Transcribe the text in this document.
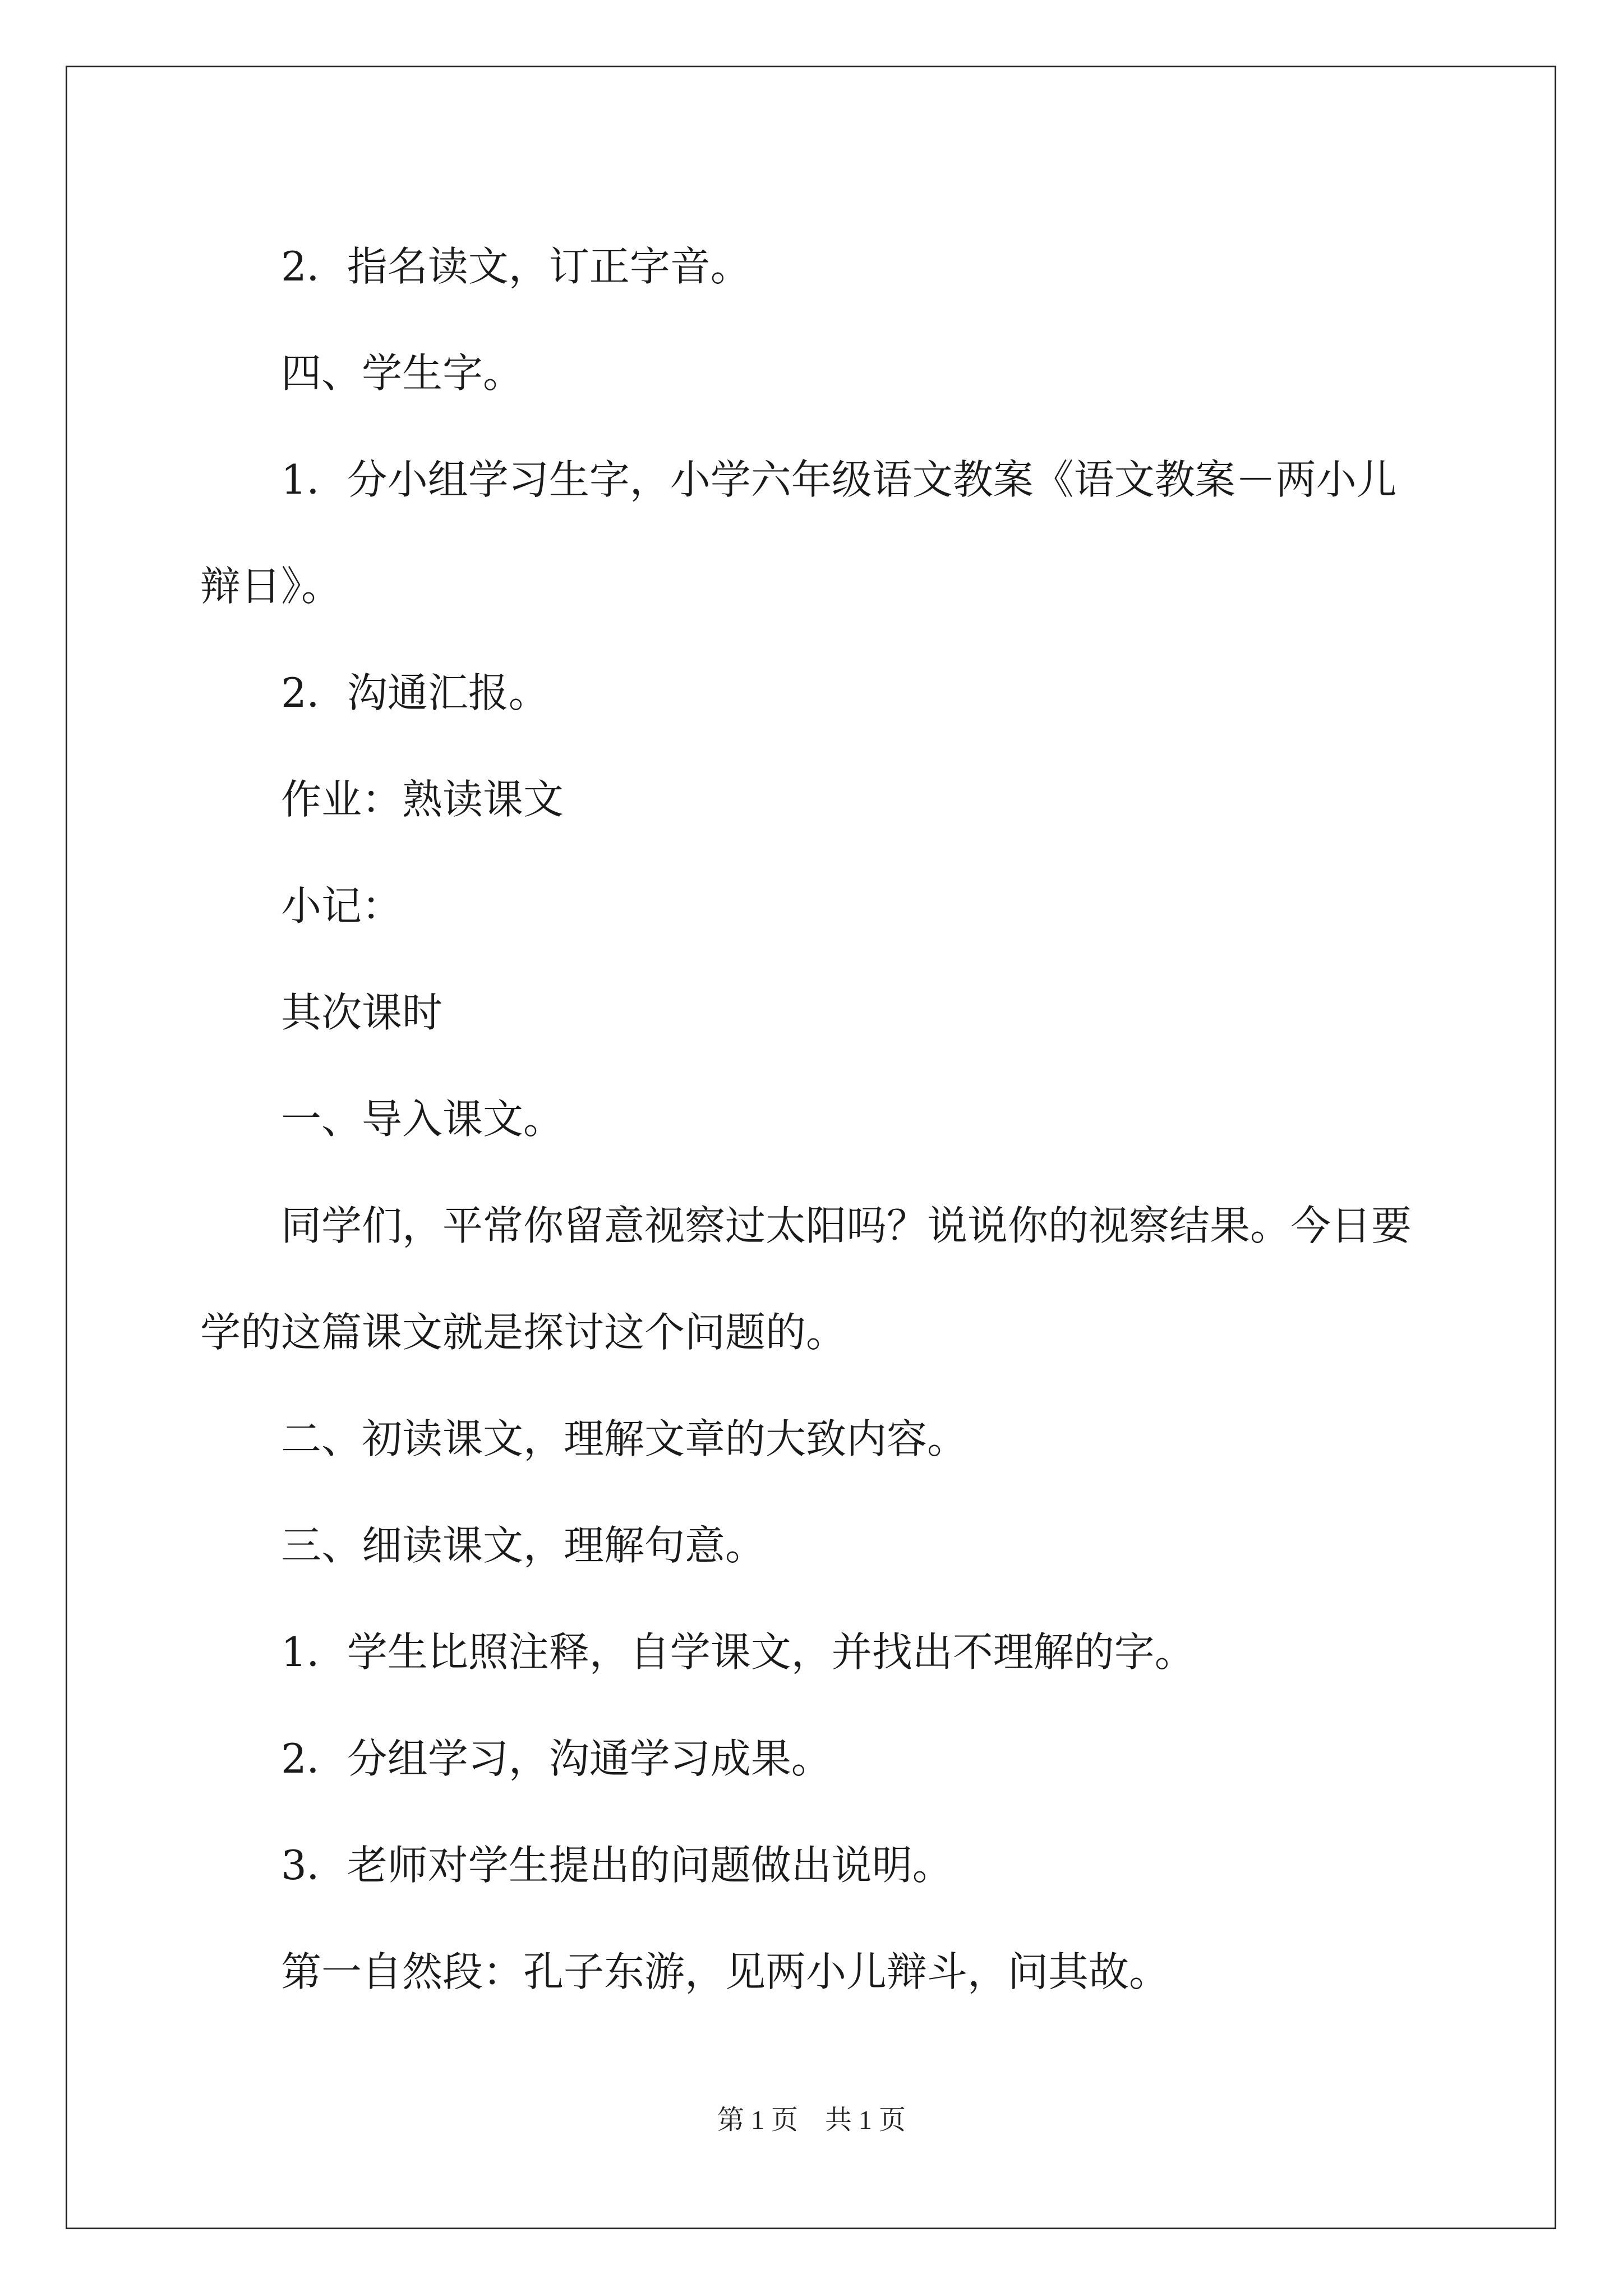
2．指名读文，订正字音。

四、学生字。

1．分小组学习生字，小学六年级语文教案《语文教案－两小儿辩日》。

2．沟通汇报。

作业：熟读课文

小记：

其次课时

一、导入课文。

同学们，平常你留意视察过太阳吗？说说你的视察结果。今日要学的这篇课文就是探讨这个问题的。

二、初读课文，理解文章的大致内容。

三、细读课文，理解句意。

1．学生比照注释，自学课文，并找出不理解的字。

2．分组学习，沟通学习成果。

3．老师对学生提出的问题做出说明。

第一自然段：孔子东游，见两小儿辩斗，问其故。

第 1 页　共 1 页
